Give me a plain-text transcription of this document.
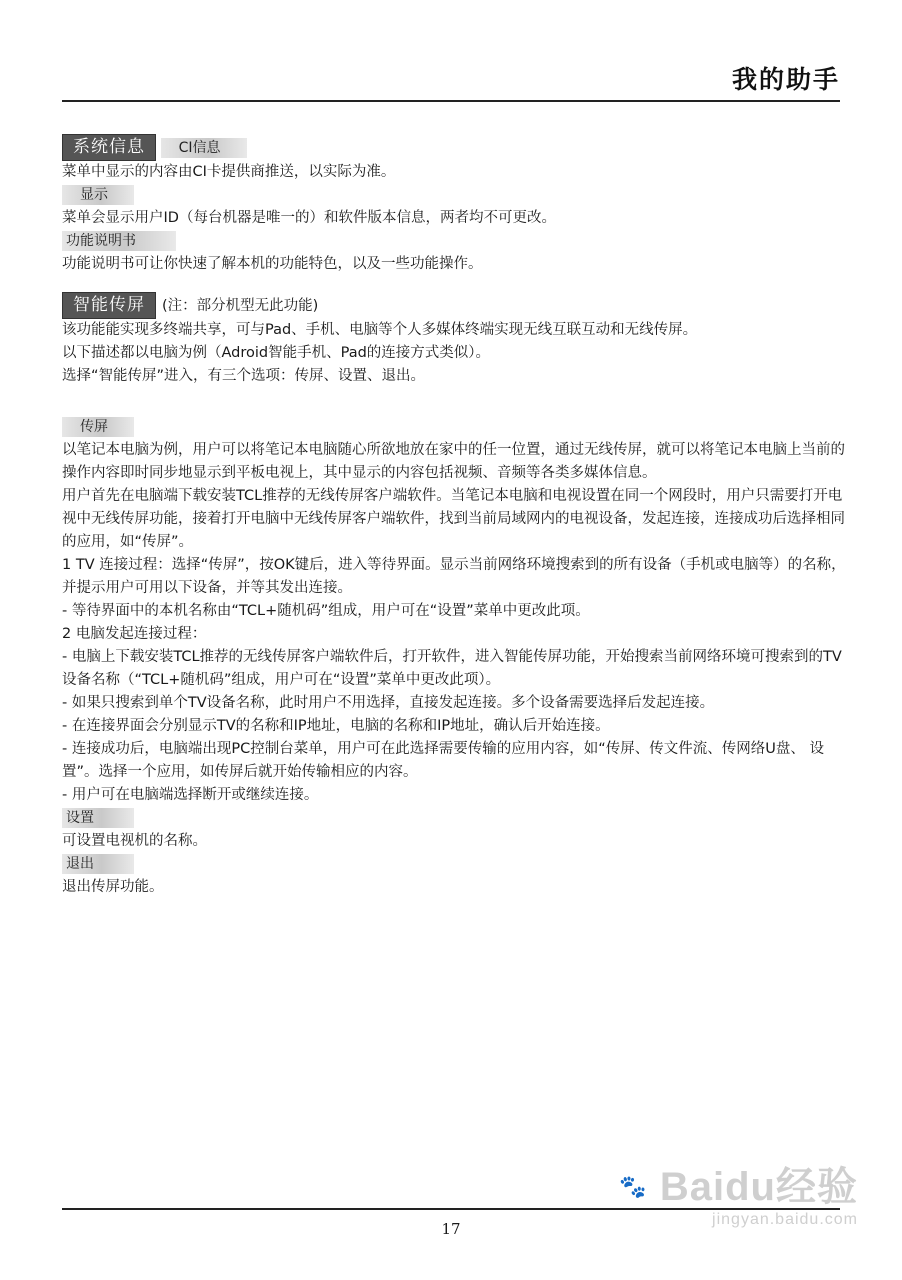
我的助手
系统信息 CI信息

菜单中显示的内容由CI卡提供商推送，以实际为准。

显示

菜单会显示用户ID（每台机器是唯一的）和软件版本信息，两者均不可更改。

功能说明书

功能说明书可让你快速了解本机的功能特色，以及一些功能操作。

智能传屏 (注：部分机型无此功能)

该功能能实现多终端共享，可与Pad、手机、电脑等个人多媒体终端实现无线互联互动和无线传屏。

以下描述都以电脑为例（Adroid智能手机、Pad的连接方式类似）。

选择“智能传屏”进入，有三个选项：传屏、设置、退出。

传屏

以笔记本电脑为例，用户可以将笔记本电脑随心所欲地放在家中的任一位置，通过无线传屏，就可以将笔记本电脑上当前的操作内容即时同步地显示到平板电视上，其中显示的内容包括视频、音频等各类多媒体信息。

用户首先在电脑端下载安装TCL推荐的无线传屏客户端软件。当笔记本电脑和电视设置在同一个网段时，用户只需要打开电视中无线传屏功能，接着打开电脑中无线传屏客户端软件，找到当前局域网内的电视设备，发起连接，连接成功后选择相同的应用，如“传屏”。

1 TV 连接过程：选择“传屏”，按OK键后，进入等待界面。显示当前网络环境搜索到的所有设备（手机或电脑等）的名称，并提示用户可用以下设备，并等其发出连接。

- 等待界面中的本机名称由“TCL+随机码”组成，用户可在“设置”菜单中更改此项。

2 电脑发起连接过程：

- 电脑上下载安装TCL推荐的无线传屏客户端软件后，打开软件，进入智能传屏功能，开始搜索当前网络环境可搜索到的TV设备名称（“TCL+随机码”组成，用户可在“设置”菜单中更改此项）。

- 如果只搜索到单个TV设备名称，此时用户不用选择，直接发起连接。多个设备需要选择后发起连接。

- 在连接界面会分别显示TV的名称和IP地址，电脑的名称和IP地址，确认后开始连接。

- 连接成功后，电脑端出现PC控制台菜单，用户可在此选择需要传输的应用内容，如“传屏、传文件流、传网络U盘、 设置”。选择一个应用，如传屏后就开始传输相应的内容。

- 用户可在电脑端选择断开或继续连接。

设置

可设置电视机的名称。

退出

退出传屏功能。

🐾 Baidu经验
jingyan.baidu.com
17
